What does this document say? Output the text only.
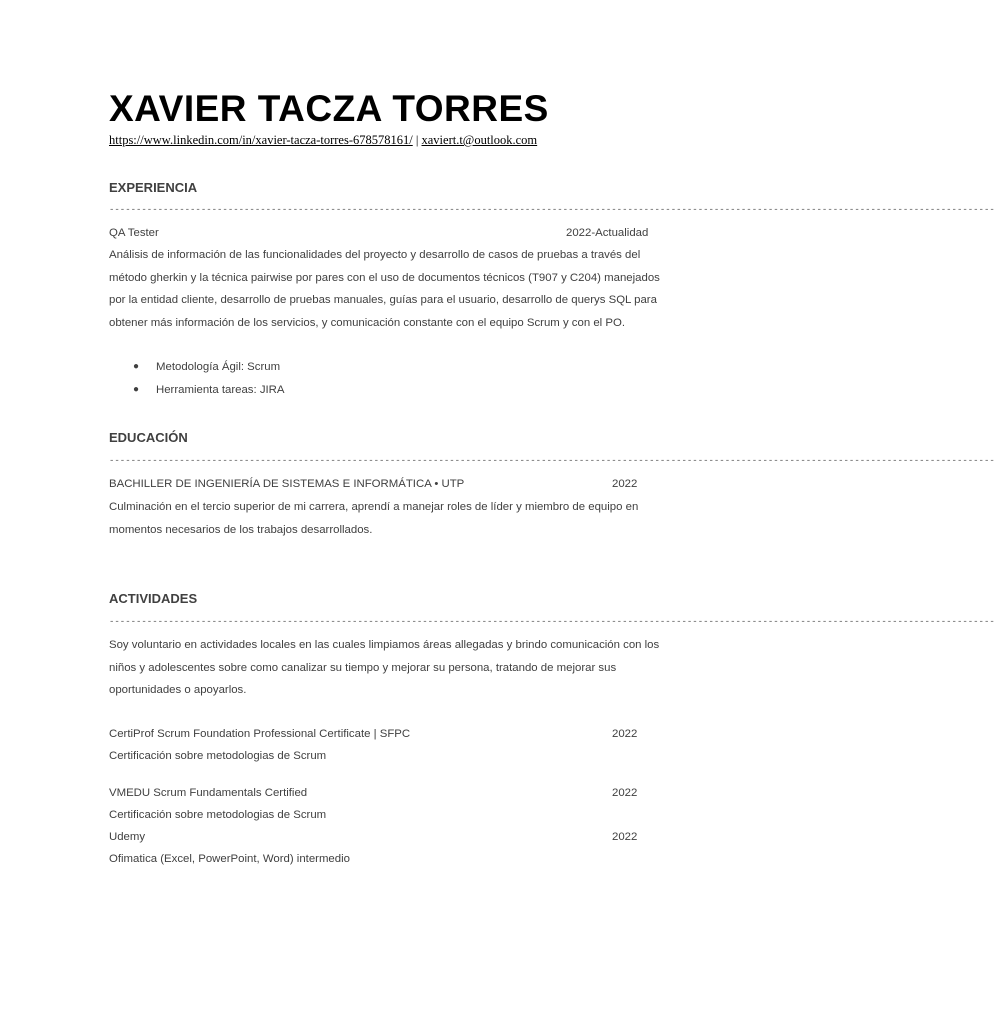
XAVIER TACZA TORRES
https://www.linkedin.com/in/xavier-tacza-torres-678578161/ | xaviert.t@outlook.com
EXPERIENCIA
--------------------------------------------------------------------------------------------------------------------------------------------------------------------
QA Tester	2022-Actualidad
Análisis de información de las funcionalidades del proyecto y desarrollo de casos de pruebas a través del método gherkin y la técnica pairwise por pares con el uso de documentos técnicos (T907 y C204) manejados por la entidad cliente, desarrollo de pruebas manuales, guías para el usuario, desarrollo de querys SQL para obtener más información de los servicios, y comunicación constante con el equipo Scrum y con el PO.
● Metodología Ágil: Scrum
● Herramienta tareas: JIRA
EDUCACIÓN
--------------------------------------------------------------------------------------------------------------------------------------------------------------------
BACHILLER DE INGENIERÍA DE SISTEMAS E INFORMÁTICA • UTP	2022
Culminación en el tercio superior de mi carrera, aprendí a manejar roles de líder y miembro de equipo en momentos necesarios de los trabajos desarrollados.
ACTIVIDADES
--------------------------------------------------------------------------------------------------------------------------------------------------------------------
Soy voluntario en actividades locales en las cuales limpiamos áreas allegadas y brindo comunicación con los niños y adolescentes sobre como canalizar su tiempo y mejorar su persona, tratando de mejorar sus oportunidades o apoyarlos.
CertiProf Scrum Foundation Professional Certificate | SFPC	2022
Certificación sobre metodologias de Scrum
VMEDU Scrum Fundamentals Certified	2022
Certificación sobre metodologias de Scrum
Udemy	2022
Ofimatica (Excel, PowerPoint, Word) intermedio
